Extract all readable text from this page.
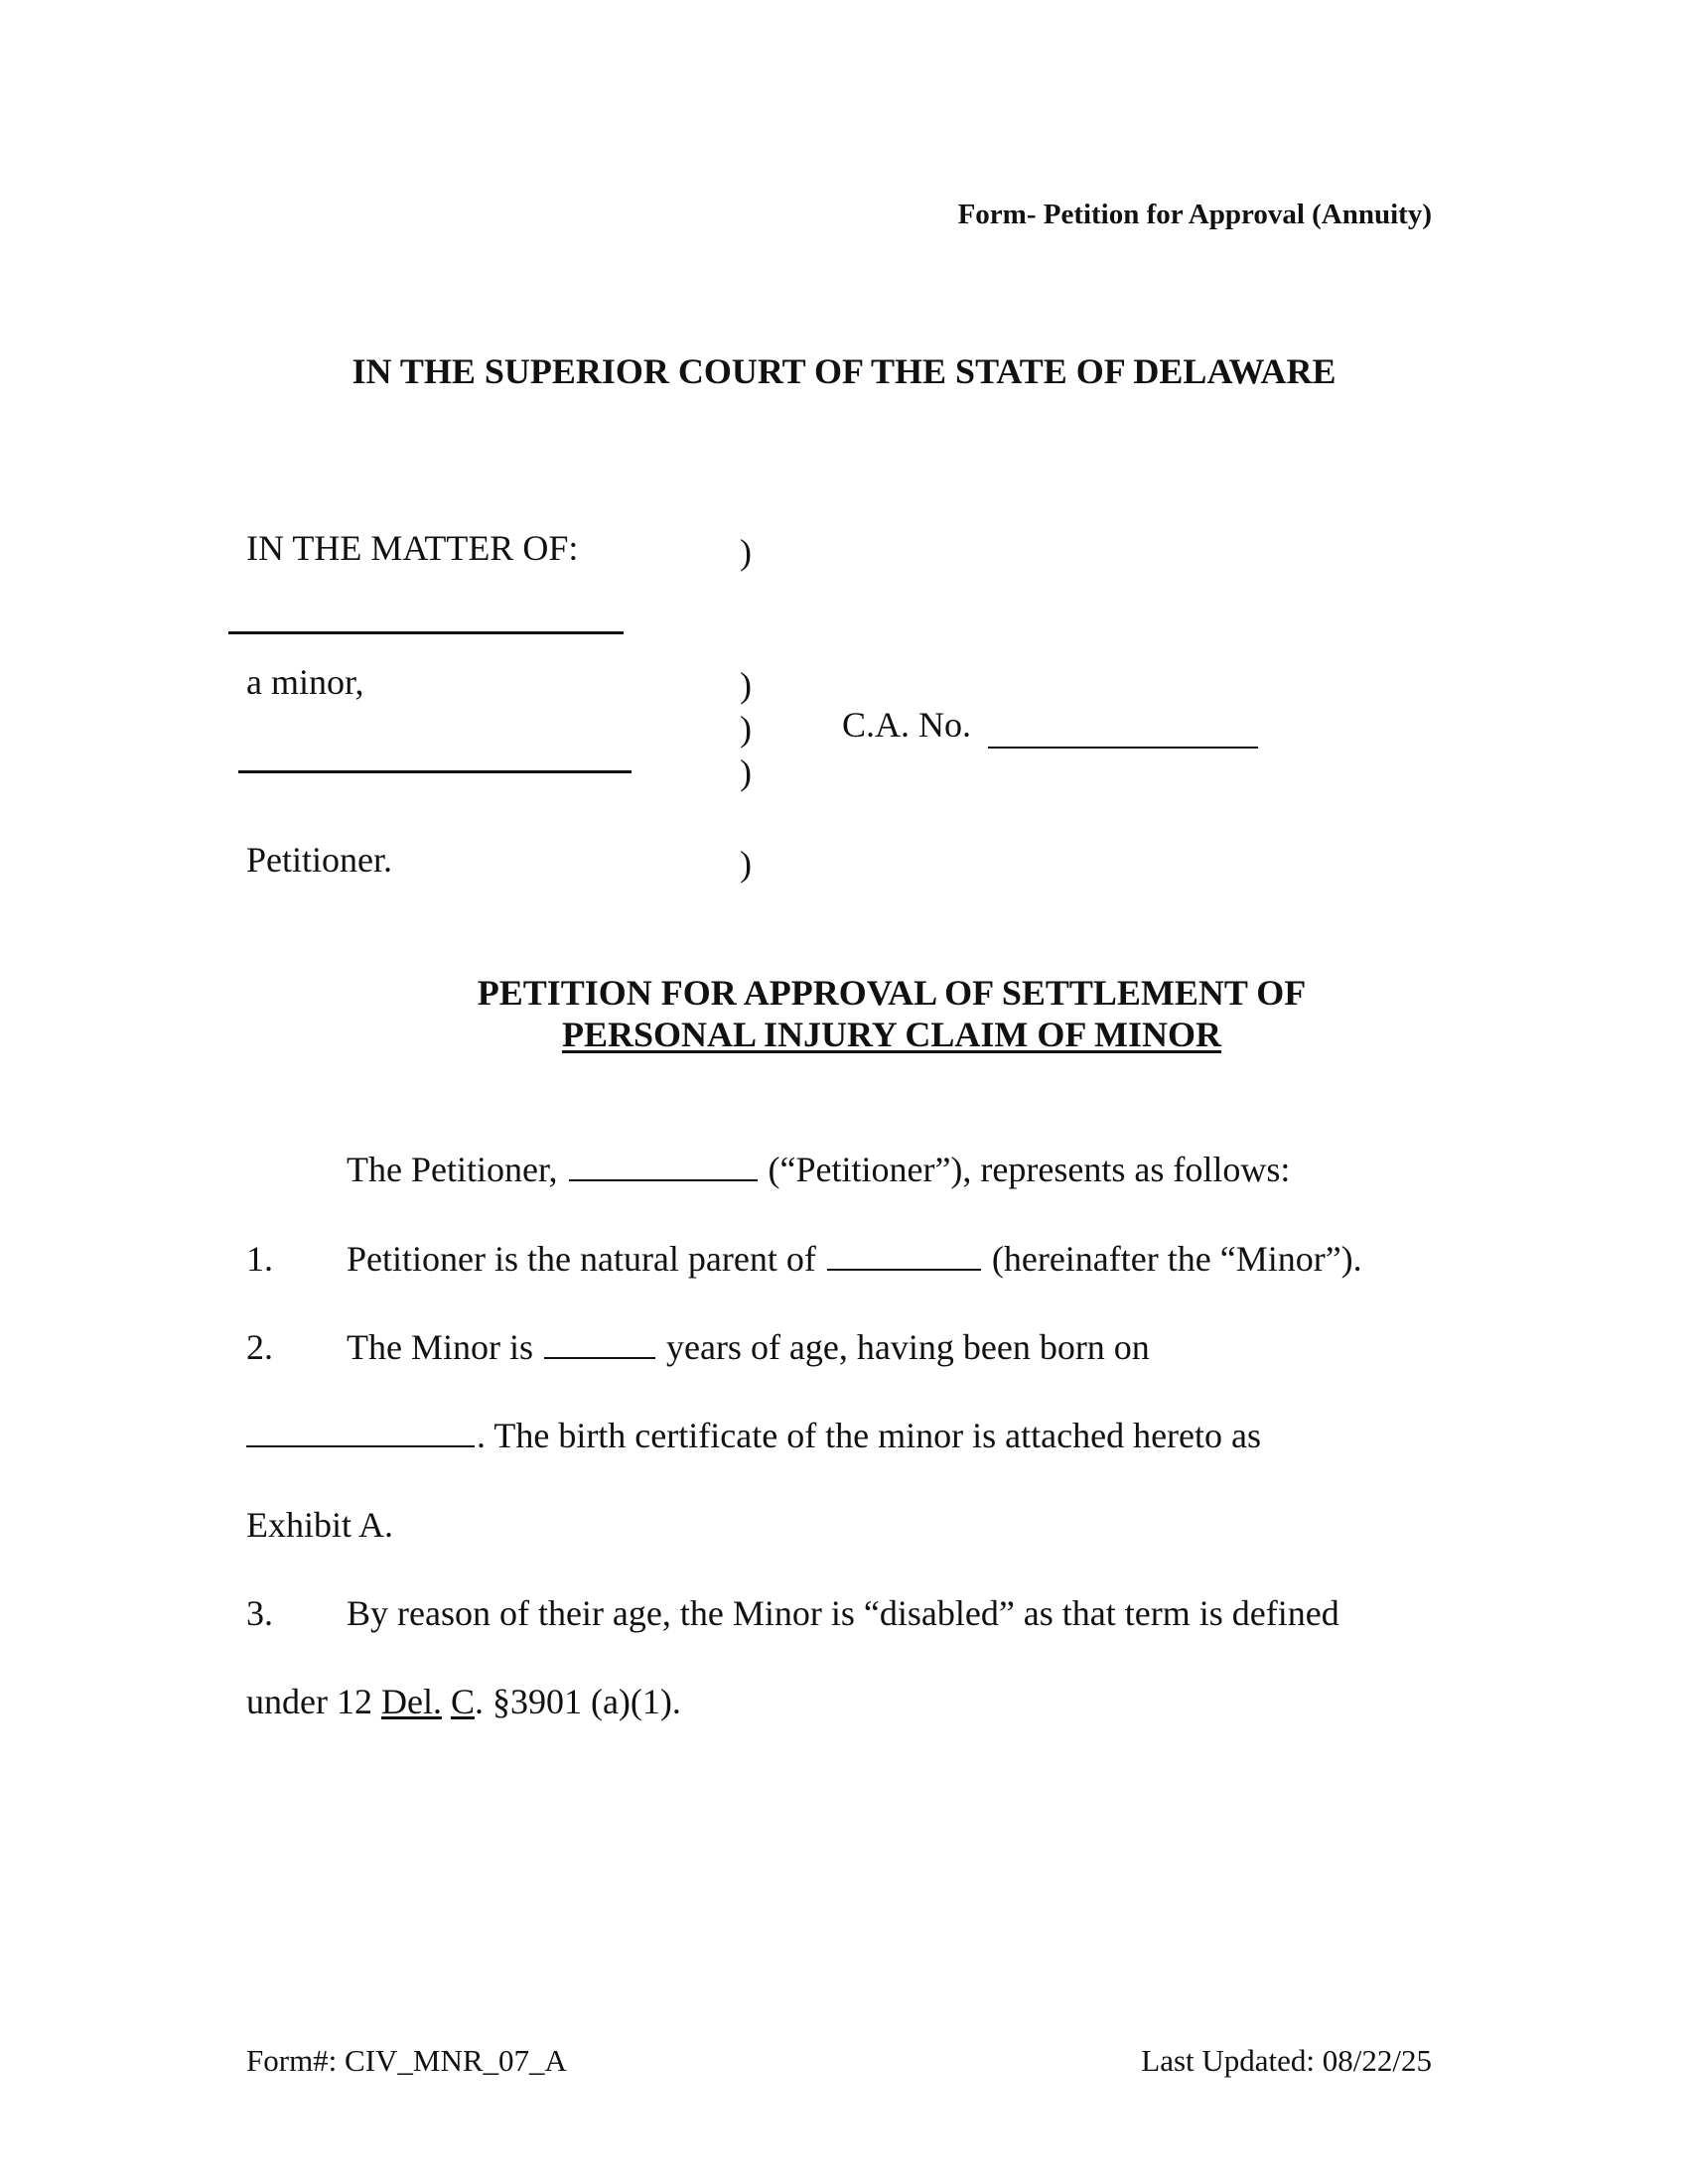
Form- Petition for Approval (Annuity)
IN THE SUPERIOR COURT OF THE STATE OF DELAWARE
IN THE MATTER OF:	)
a minor,	)
)
)
C.A. No.
Petitioner.	)
PETITION FOR APPROVAL OF SETTLEMENT OF
PERSONAL INJURY CLAIM OF MINOR
The Petitioner,	(“Petitioner”), represents as follows:
1. Petitioner is the natural parent of	(hereinafter the “Minor”).
2. The Minor is	years of age, having been born on
. The birth certificate of the minor is attached hereto as
Exhibit A.
3. By reason of their age, the Minor is “disabled” as that term is defined
under 12 Del. C. §3901 (a)(1).
Form#: CIV_MNR_07_A	Last Updated: 08/22/25
